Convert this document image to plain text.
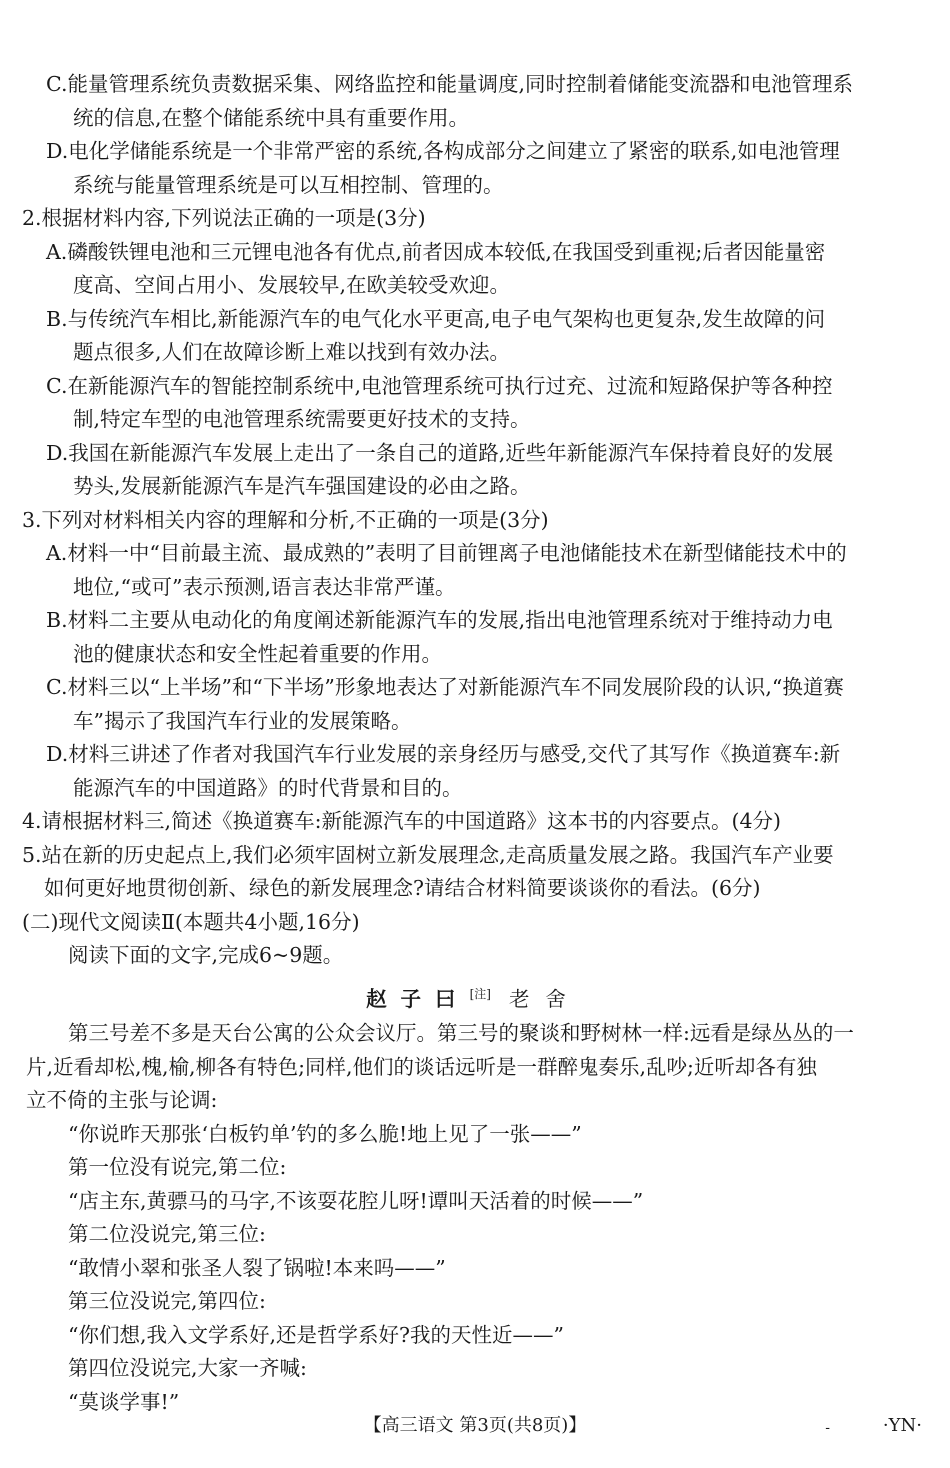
C.能量管理系统负责数据采集、网络监控和能量调度,同时控制着储能变流器和电池管理系
统的信息,在整个储能系统中具有重要作用。
D.电化学储能系统是一个非常严密的系统,各构成部分之间建立了紧密的联系,如电池管理
系统与能量管理系统是可以互相控制、管理的。
2.根据材料内容,下列说法正确的一项是(3分)
A.磷酸铁锂电池和三元锂电池各有优点,前者因成本较低,在我国受到重视;后者因能量密
度高、空间占用小、发展较早,在欧美较受欢迎。
B.与传统汽车相比,新能源汽车的电气化水平更高,电子电气架构也更复杂,发生故障的问
题点很多,人们在故障诊断上难以找到有效办法。
C.在新能源汽车的智能控制系统中,电池管理系统可执行过充、过流和短路保护等各种控
制,特定车型的电池管理系统需要更好技术的支持。
D.我国在新能源汽车发展上走出了一条自己的道路,近些年新能源汽车保持着良好的发展
势头,发展新能源汽车是汽车强国建设的必由之路。
3.下列对材料相关内容的理解和分析,不正确的一项是(3分)
A.材料一中“目前最主流、最成熟的”表明了目前锂离子电池储能技术在新型储能技术中的
地位,“或可”表示预测,语言表达非常严谨。
B.材料二主要从电动化的角度阐述新能源汽车的发展,指出电池管理系统对于维持动力电
池的健康状态和安全性起着重要的作用。
C.材料三以“上半场”和“下半场”形象地表达了对新能源汽车不同发展阶段的认识,“换道赛
车”揭示了我国汽车行业的发展策略。
D.材料三讲述了作者对我国汽车行业发展的亲身经历与感受,交代了其写作《换道赛车:新
能源汽车的中国道路》的时代背景和目的。
4.请根据材料三,简述《换道赛车:新能源汽车的中国道路》这本书的内容要点。(4分)
5.站在新的历史起点上,我们必须牢固树立新发展理念,走高质量发展之路。我国汽车产业要
如何更好地贯彻创新、绿色的新发展理念?请结合材料简要谈谈你的看法。(6分)
(二)现代文阅读Ⅱ(本题共4小题,16分)
阅读下面的文字,完成6~9题。
赵子曰[注] 老舍
第三号差不多是天台公寓的公众会议厅。第三号的聚谈和野树林一样:远看是绿丛丛的一
片,近看却松,槐,榆,柳各有特色;同样,他们的谈话远听是一群醉鬼奏乐,乱吵;近听却各有独
立不倚的主张与论调:
“你说昨天那张‘白板钓单’钓的多么脆!地上见了一张——”
第一位没有说完,第二位:
“店主东,黄骠马的马字,不该耍花腔儿呀!谭叫天活着的时候——”
第二位没说完,第三位:
“敢情小翠和张圣人裂了锅啦!本来吗——”
第三位没说完,第四位:
“你们想,我入文学系好,还是哲学系好?我的天性近——”
第四位没说完,大家一齐喊:
“莫谈学事!”
【高三语文 第3页(共8页)】	-	·YN·
